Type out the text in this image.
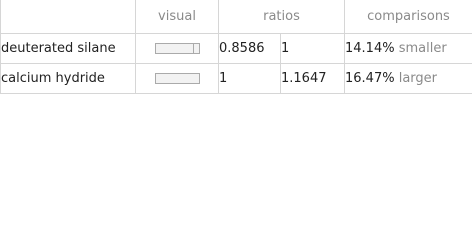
	visual	ratios		comparisons
deuterated silane		0.8586	1	14.14% smaller
calcium hydride		1	1.1647	16.47% larger
